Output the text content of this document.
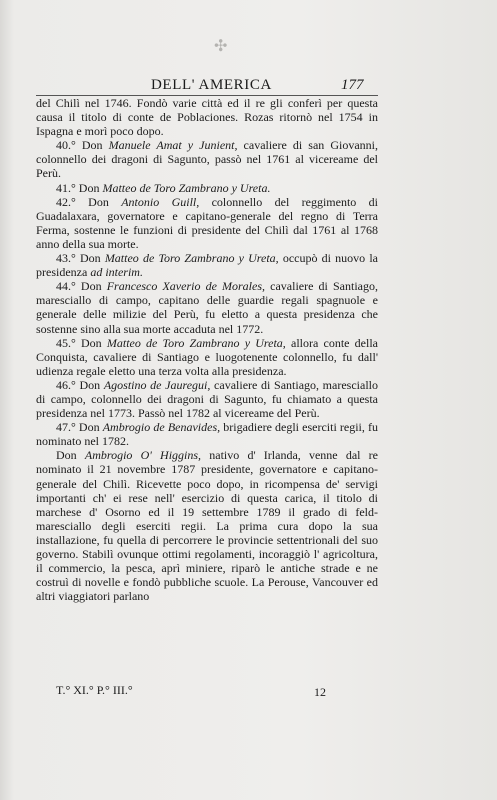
✣
DELL' AMERICA	177

del Chilì nel 1746. Fondò varie città ed il re gli conferì per questa causa il titolo di conte de Poblaciones. Rozas ritornò nel 1754 in Ispagna e morì poco dopo.

40.° Don Manuele Amat y Junient, cavaliere di san Giovanni, colonnello dei dragoni di Sagunto, passò nel 1761 al vicereame del Perù.

41.° Don Matteo de Toro Zambrano y Ureta.

42.° Don Antonio Guill, colonnello del reggimento di Guadalaxara, governatore e capitano-generale del regno di Terra Ferma, sostenne le funzioni di presidente del Chilì dal 1761 al 1768 anno della sua morte.

43.° Don Matteo de Toro Zambrano y Ureta, occupò di nuovo la presidenza ad interim.

44.° Don Francesco Xaverio de Morales, cavaliere di Santiago, maresciallo di campo, capitano delle guardie regali spagnuole e generale delle milizie del Perù, fu eletto a questa presidenza che sostenne sino alla sua morte accaduta nel 1772.

45.° Don Matteo de Toro Zambrano y Ureta, allora conte della Conquista, cavaliere di Santiago e luogotenente colonnello, fu dall' udienza regale eletto una terza volta alla presidenza.

46.° Don Agostino de Jauregui, cavaliere di Santiago, maresciallo di campo, colonnello dei dragoni di Sagunto, fu chiamato a questa presidenza nel 1773. Passò nel 1782 al vicereame del Perù.

47.° Don Ambrogio de Benavides, brigadiere degli eserciti regii, fu nominato nel 1782.

Don Ambrogio O' Higgins, nativo d' Irlanda, venne dal re nominato il 21 novembre 1787 presidente, governatore e capitano-generale del Chilì. Ricevette poco dopo, in ricompensa de' servigi importanti ch' ei rese nell' esercizio di questa carica, il titolo di marchese d' Osorno ed il 19 settembre 1789 il grado di feld-maresciallo degli eserciti regii. La prima cura dopo la sua installazione, fu quella di percorrere le provincie settentrionali del suo governo. Stabilì ovunque ottimi regolamenti, incoraggiò l' agricoltura, il commercio, la pesca, aprì miniere, riparò le antiche strade e ne costruì di novelle e fondò pubbliche scuole. La Perouse, Vancouver ed altri viaggiatori parlano

T.° XI.° P.° III.°	12
